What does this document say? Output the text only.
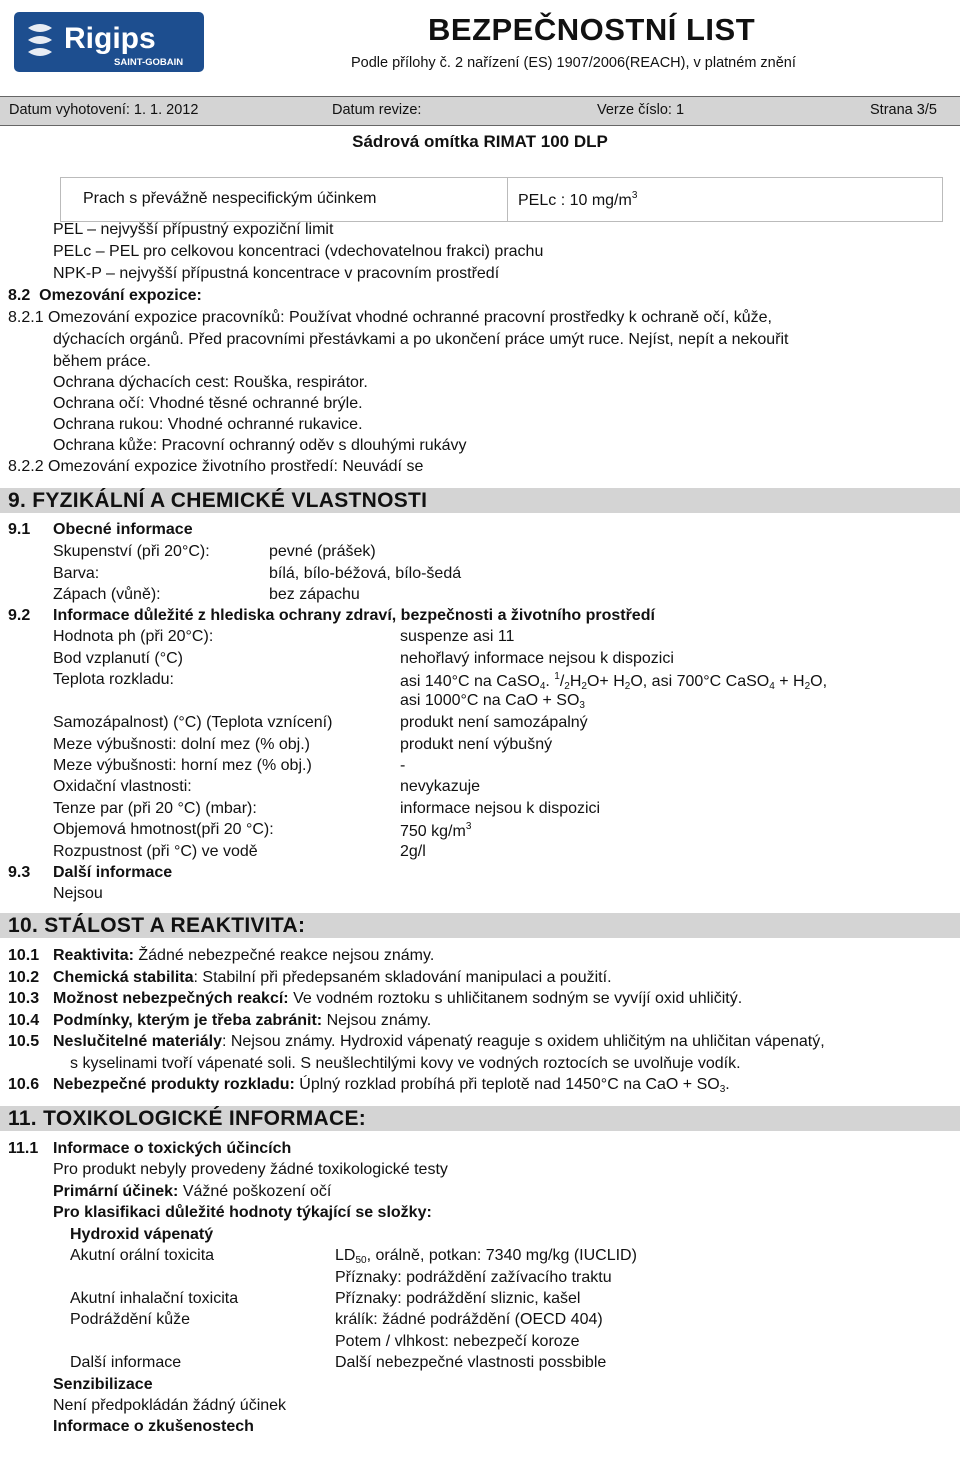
Rigips
SAINT-GOBAIN
BEZPEČNOSTNÍ LIST
Podle přílohy č. 2 nařízení (ES) 1907/2006(REACH), v platném znění
Datum vyhotovení: 1. 1. 2012	Datum revize:	Verze číslo: 1	Strana 3/5
Sádrová omítka RIMAT 100 DLP
Prach s převážně nespecifickým účinkem	PELc : 10 $mg/m^3$
PEL – nejvyšší přípustný expoziční limit
PELc – PEL pro celkovou koncentraci (vdechovatelnou frakci) prachu
NPK-P – nejvyšší přípustná koncentrace v pracovním prostředí
8.2 Omezování expozice:
8.2.1 Omezování expozice pracovníků: Používat vhodné ochranné pracovní prostředky k ochraně očí, kůže,
dýchacích orgánů. Před pracovními přestávkami a po ukončení práce umýt ruce. Nejíst, nepít a nekouřit
během práce.
Ochrana dýchacích cest: Rouška, respirátor.
Ochrana očí: Vhodné těsné ochranné brýle.
Ochrana rukou: Vhodné ochranné rukavice.
Ochrana kůže: Pracovní ochranný oděv s dlouhými rukávy
8.2.2 Omezování expozice životního prostředí: Neuvádí se
9. FYZIKÁLNÍ A CHEMICKÉ VLASTNOSTI
9.1 Obecné informace
Skupenství (při 20°C):	pevné (prášek)
Barva:	bílá, bílo-béžová, bílo-šedá
Zápach (vůně):	bez zápachu
9.2 Informace důležité z hlediska ochrany zdraví, bezpečnosti a životního prostředí
Hodnota ph (při 20°C):	suspenze asi 11
Bod vzplanutí (°C)	nehořlavý informace nejsou k dispozici
Teplota rozkladu:	asi 140°C na CaSO$_4$. $^1/_2H_2O+ H_2O$, asi 700°C CaSO$_4$ + $H_2O$,
asi 1000°C na CaO + $SO_3$
Samozápalnost) (°C) (Teplota vznícení)	produkt není samozápalný
Meze výbušnosti: dolní mez (% obj.)	produkt není výbušný
Meze výbušnosti: horní mez (% obj.)	-
Oxidační vlastnosti:	nevykazuje
Tenze par (při 20 °C) (mbar):	informace nejsou k dispozici
Objemová hmotnost(při 20 °C):	750 $kg/m^3$
Rozpustnost (při °C) ve vodě	2g/l
9.3 Další informace
Nejsou
10. STÁLOST A REAKTIVITA:
10.1 Reaktivita: Žádné nebezpečné reakce nejsou známy.
10.2 Chemická stabilita: Stabilní při předepsaném skladování manipulaci a použití.
10.3 Možnost nebezpečných reakcí: Ve vodném roztoku s uhličitanem sodným se vyvíjí oxid uhličitý.
10.4 Podmínky, kterým je třeba zabránit: Nejsou známy.
10.5 Neslučitelné materiály: Nejsou známy. Hydroxid vápenatý reaguje s oxidem uhličitým na uhličitan vápenatý,
s kyselinami tvoří vápenaté soli. S neušlechtilými kovy ve vodných roztocích se uvolňuje vodík.
10.6 Nebezpečné produkty rozkladu: Úplný rozklad probíhá při teplotě nad 1450°C na CaO + $SO_3$.
11. TOXIKOLOGICKÉ INFORMACE:
11.1 Informace o toxických účincích
Pro produkt nebyly provedeny žádné toxikologické testy
Primární účinek: Vážné poškození očí
Pro klasifikaci důležité hodnoty týkající se složky:
Hydroxid vápenatý
Akutní orální toxicita	$LD_{50}$, orálně, potkan: 7340 mg/kg (IUCLID)
Příznaky: podráždění zažívacího traktu
Akutní inhalační toxicita	Příznaky: podráždění sliznic, kašel
Podráždění kůže	králík: žádné podráždění (OECD 404)
Potem / vlhkost: nebezpečí koroze
Další informace	Další nebezpečné vlastnosti possbible
Senzibilizace
Není předpokládán žádný účinek
Informace o zkušenostech
